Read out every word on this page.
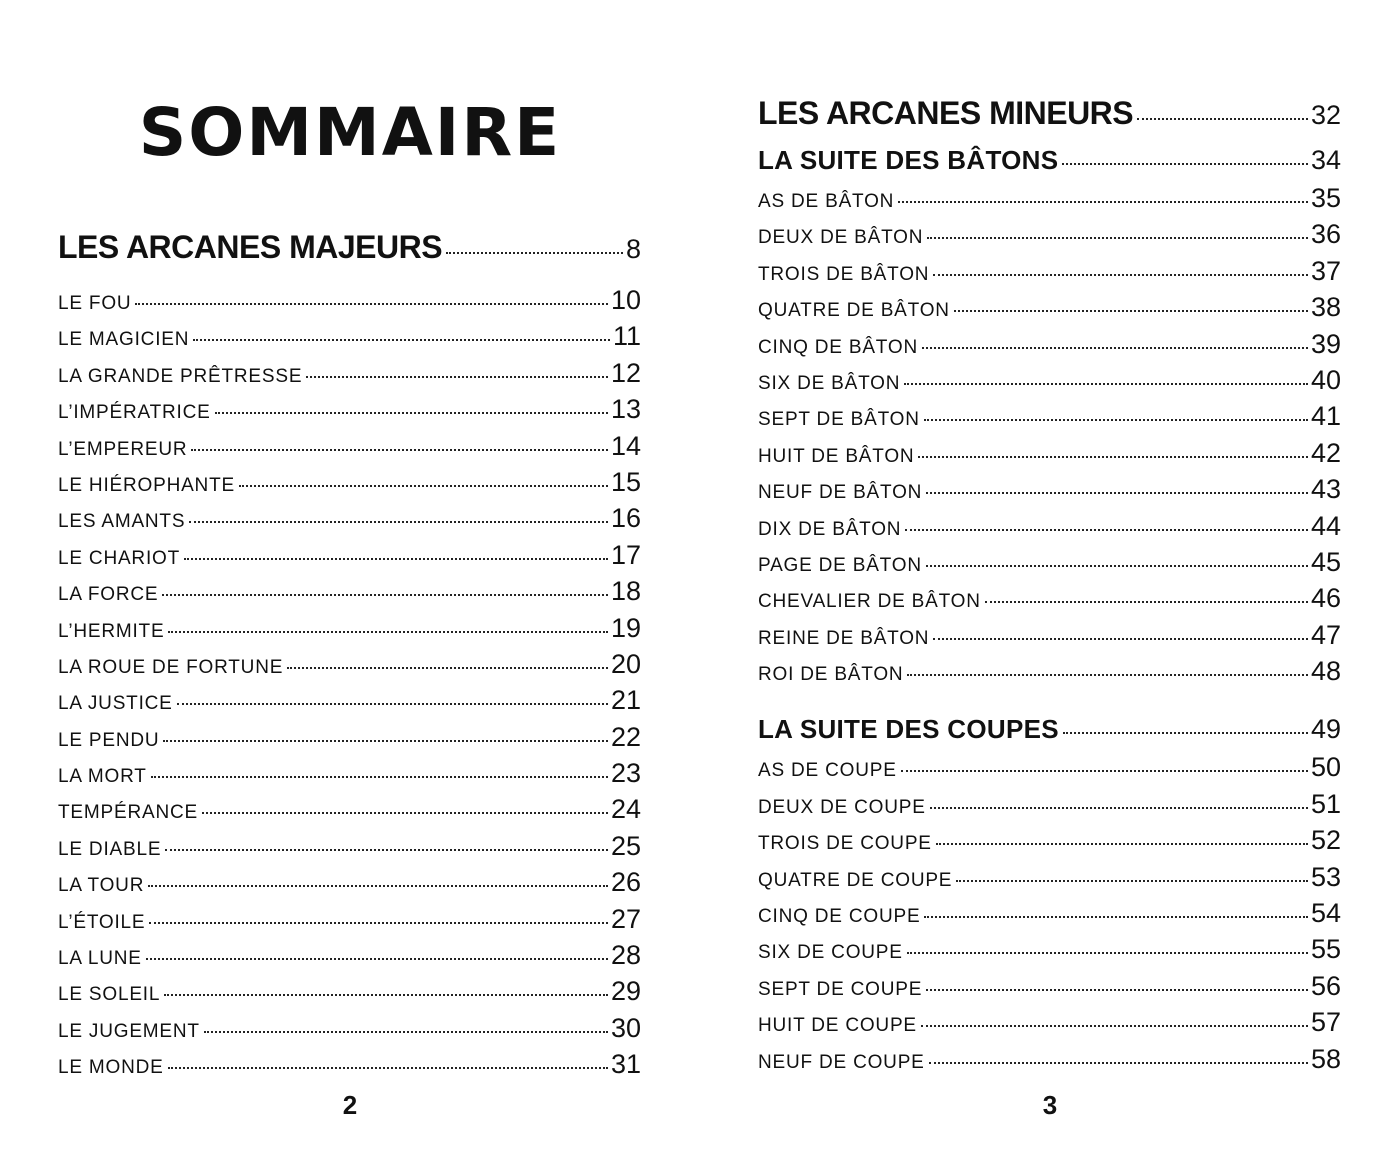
SOMMAIRE
LES ARCANES MAJEURS	8
LE FOU	10
LE MAGICIEN	11
LA GRANDE PRÊTRESSE	12
L’IMPÉRATRICE	13
L’EMPEREUR	14
LE HIÉROPHANTE	15
LES AMANTS	16
LE CHARIOT	17
LA FORCE	18
L’HERMITE	19
LA ROUE DE FORTUNE	20
LA JUSTICE	21
LE PENDU	22
LA MORT	23
TEMPÉRANCE	24
LE DIABLE	25
LA TOUR	26
L’ÉTOILE	27
LA LUNE	28
LE SOLEIL	29
LE JUGEMENT	30
LE MONDE	31
2
LES ARCANES MINEURS	32
LA SUITE DES BÂTONS	34
AS DE BÂTON	35
DEUX DE BÂTON	36
TROIS DE BÂTON	37
QUATRE DE BÂTON	38
CINQ DE BÂTON	39
SIX DE BÂTON	40
SEPT DE BÂTON	41
HUIT DE BÂTON	42
NEUF DE BÂTON	43
DIX DE BÂTON	44
PAGE DE BÂTON	45
CHEVALIER DE BÂTON	46
REINE DE BÂTON	47
ROI DE BÂTON	48
LA SUITE DES COUPES	49
AS DE COUPE	50
DEUX DE COUPE	51
TROIS DE COUPE	52
QUATRE DE COUPE	53
CINQ DE COUPE	54
SIX DE COUPE	55
SEPT DE COUPE	56
HUIT DE COUPE	57
NEUF DE COUPE	58
3
